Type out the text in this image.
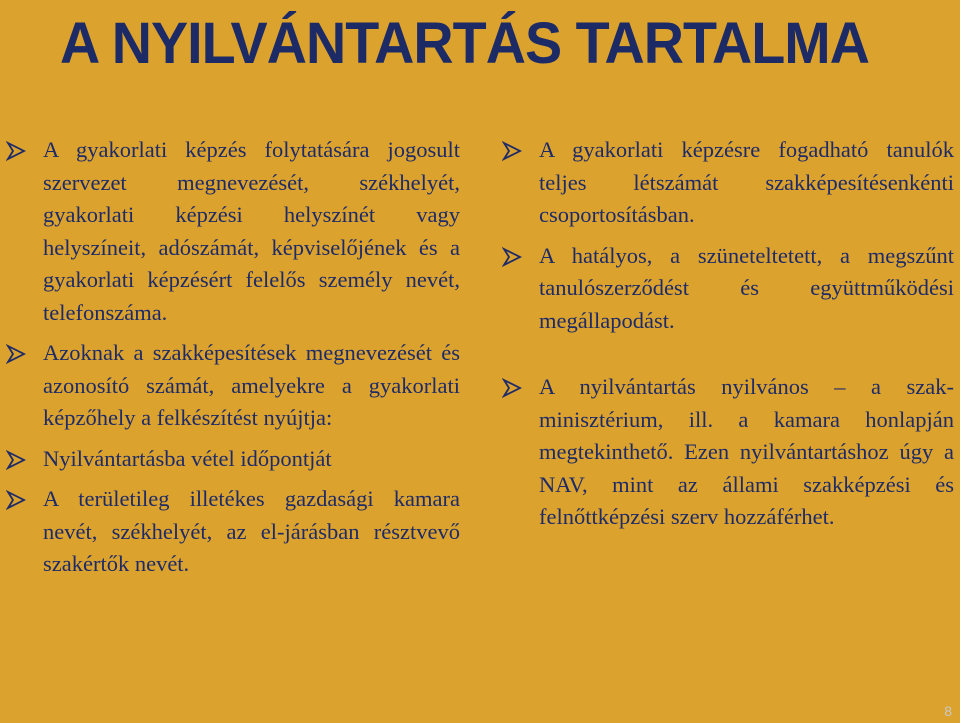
A NYILVÁNTARTÁS TARTALMA
A gyakorlati képzés folytatására jogosult szervezet megnevezését, székhelyét, gyakorlati képzési helyszínét vagy helyszíneit, adószámát, képviselőjének és a gyakorlati képzésért felelős személy nevét, telefonszáma.
Azoknak a szakképesítések megnevezését és azonosító számát, amelyekre a gyakorlati képzőhely a felkészítést nyújtja:
Nyilvántartásba vétel időpontját
A területileg illetékes gazdasági kamara nevét, székhelyét, az el-járásban résztvevő szakértők nevét.
A gyakorlati képzésre fogadható tanulók teljes létszámát szakképesítésenkénti csoportosításban.
A hatályos, a szüneteltetett, a megszűnt tanulószerződést és együttműködési megállapodást.
A nyilvántartás nyilvános – a szak-minisztérium, ill. a kamara honlapján megtekinthető. Ezen nyilvántartáshoz úgy a NAV, mint az állami szakképzési és felnőttképzési szerv hozzáférhet.
8
